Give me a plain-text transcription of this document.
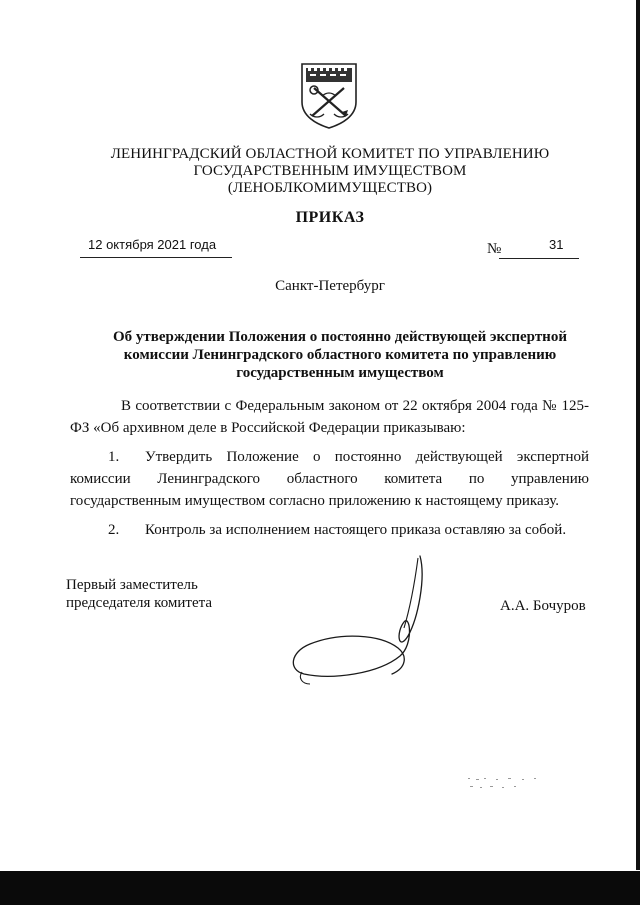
ЛЕНИНГРАДСКИЙ ОБЛАСТНОЙ КОМИТЕТ ПО УПРАВЛЕНИЮ
ГОСУДАРСТВЕННЫМ ИМУЩЕСТВОМ
(ЛЕНОБЛКОМИМУЩЕСТВО)
ПРИКАЗ
12 октября 2021 года	№	31
Санкт-Петербург
Об утверждении Положения о постоянно действующей экспертной
комиссии Ленинградского областного комитета по управлению
государственным имуществом
В соответствии с Федеральным законом от 22 октября 2004 года № 125-ФЗ «Об архивном деле в Российской Федерации приказываю:
1. Утвердить Положение о постоянно действующей экспертной комиссии Ленинградского областного комитета по управлению государственным имуществом согласно приложению к настоящему приказу.
2. Контроль за исполнением настоящего приказа оставляю за собой.
Первый заместитель
председателя комитета	А.А. Бочуров
